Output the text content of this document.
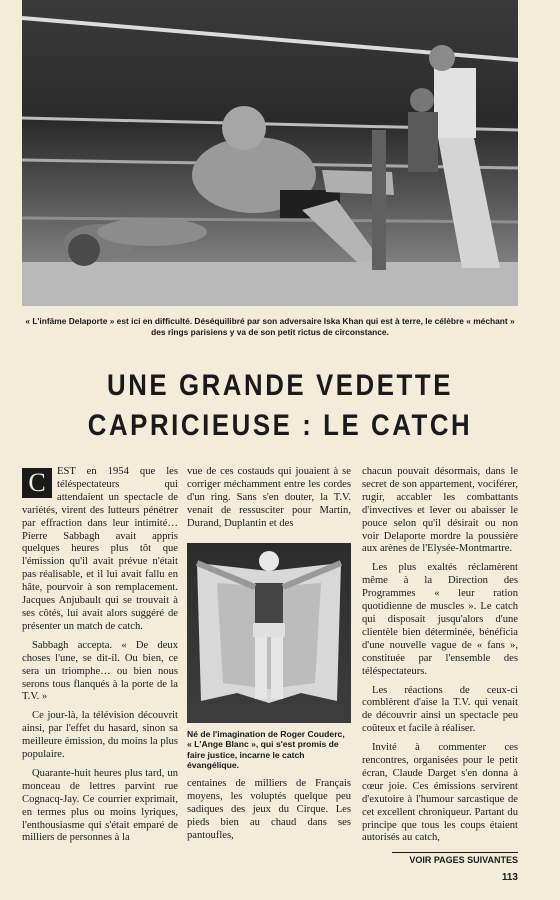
« L'infâme Delaporte » est ici en difficulté. Déséquilibré par son adversaire Iska Khan qui est à terre, le célèbre « méchant » des rings parisiens y va de son petit rictus de circonstance.
UNE GRANDE VEDETTE
CAPRICIEUSE : LE CATCH

C	EST en 1954 que les téléspectateurs qui attendaient un spectacle de variétés, virent des lutteurs pénétrer par effraction dans leur intimité… Pierre Sabbagh avait appris quelques heures plus tôt que l'émission qu'il avait prévue n'était pas réalisable, et il lui avait fallu en hâte, pourvoir à son remplacement. Jacques Anjubault qui se trouvait à ses côtés, lui avait alors suggéré de présenter un match de catch.

Sabbagh accepta. « De deux choses l'une, se dit-il. Ou bien, ce sera un triomphe… ou bien nous serons tous flanqués à la porte de la T.V. »

Ce jour-là, la télévision découvrit ainsi, par l'effet du hasard, sinon sa meilleure émission, du moins la plus populaire.

Quarante-huit heures plus tard, un monceau de lettres parvint rue Cognacq-Jay. Ce courrier exprimait, en termes plus ou moins lyriques, l'enthousiasme qui s'était emparé de milliers de personnes à la

vue de ces costauds qui jouaient à se corriger méchamment entre les cordes d'un ring. Sans s'en douter, la T.V. venait de ressusciter pour Martin, Durand, Duplantin et des

Né de l'imagination de Roger Couderc, « L'Ange Blanc », qui s'est promis de faire justice, incarne le catch évangélique.

centaines de milliers de Français moyens, les voluptés quelque peu sadiques des jeux du Cirque. Les pieds bien au chaud dans ses pantoufles,

chacun pouvait désormais, dans le secret de son appartement, vociférer, rugir, accabler les combattants d'invectives et lever ou abaisser le pouce selon qu'il désirait ou non voir Delaporte mordre la poussière aux arènes de l'Elysée-Montmartre.

Les plus exaltés réclamèrent même à la Direction des Programmes « leur ration quotidienne de muscles ». Le catch qui disposait jusqu'alors d'une clientèle bien déterminée, bénéficia d'une nouvelle vague de « fans », constituée par l'ensemble des téléspectateurs.

Les réactions de ceux-ci comblèrent d'aise la T.V. qui venait de découvrir ainsi un spectacle peu coûteux et facile à réaliser.

Invité à commenter ces rencontres, organisées pour le petit écran, Claude Darget s'en donna à cœur joie. Ces émissions servirent d'exutoire à l'humour sarcastique de cet excellent chroniqueur. Partant du principe que tous les coups étaient autorisés au catch,

VOIR PAGES SUIVANTES
113
